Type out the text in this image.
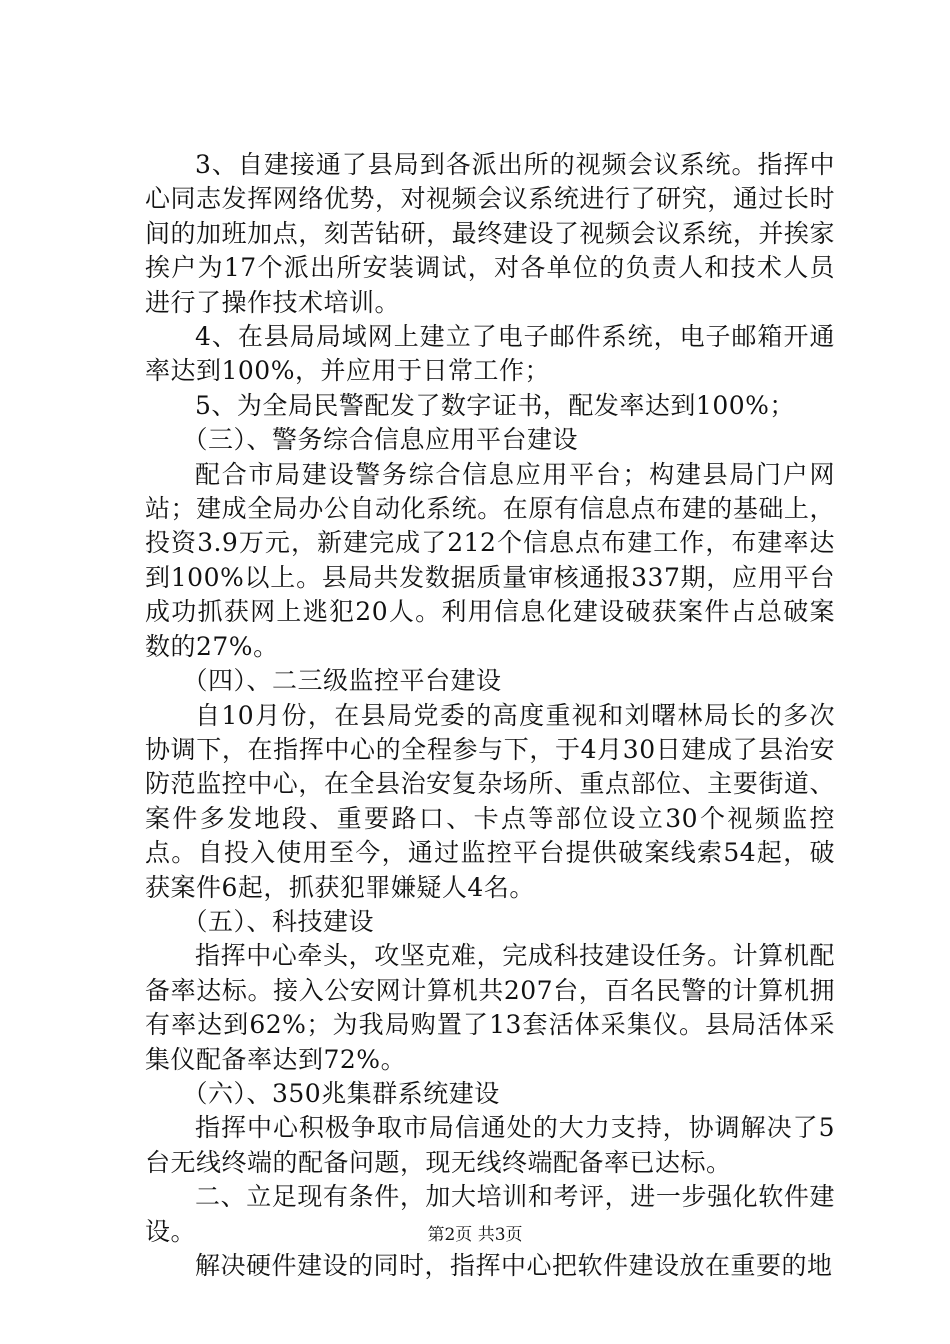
3、自建接通了县局到各派出所的视频会议系统。指挥中心同志发挥网络优势，对视频会议系统进行了研究，通过长时间的加班加点，刻苦钻研，最终建设了视频会议系统，并挨家挨户为17个派出所安装调试，对各单位的负责人和技术人员进行了操作技术培训。

4、在县局局域网上建立了电子邮件系统，电子邮箱开通率达到100%，并应用于日常工作；

5、为全局民警配发了数字证书，配发率达到100%；

（三）、警务综合信息应用平台建设

配合市局建设警务综合信息应用平台；构建县局门户网站；建成全局办公自动化系统。在原有信息点布建的基础上，投资3.9万元，新建完成了212个信息点布建工作，布建率达到100%以上。县局共发数据质量审核通报337期，应用平台成功抓获网上逃犯20人。利用信息化建设破获案件占总破案数的27%。

（四）、二三级监控平台建设

自10月份，在县局党委的高度重视和刘曙林局长的多次协调下，在指挥中心的全程参与下，于4月30日建成了县治安防范监控中心，在全县治安复杂场所、重点部位、主要街道、案件多发地段、重要路口、卡点等部位设立30个视频监控点。自投入使用至今，通过监控平台提供破案线索54起，破获案件6起，抓获犯罪嫌疑人4名。

（五）、科技建设

指挥中心牵头，攻坚克难，完成科技建设任务。计算机配备率达标。接入公安网计算机共207台，百名民警的计算机拥有率达到62%；为我局购置了13套活体采集仪。县局活体采集仪配备率达到72%。

（六）、350兆集群系统建设

指挥中心积极争取市局信通处的大力支持，协调解决了5台无线终端的配备问题，现无线终端配备率已达标。

二、立足现有条件，加大培训和考评，进一步强化软件建设。

解决硬件建设的同时，指挥中心把软件建设放在重要的地

第2页 共3页
